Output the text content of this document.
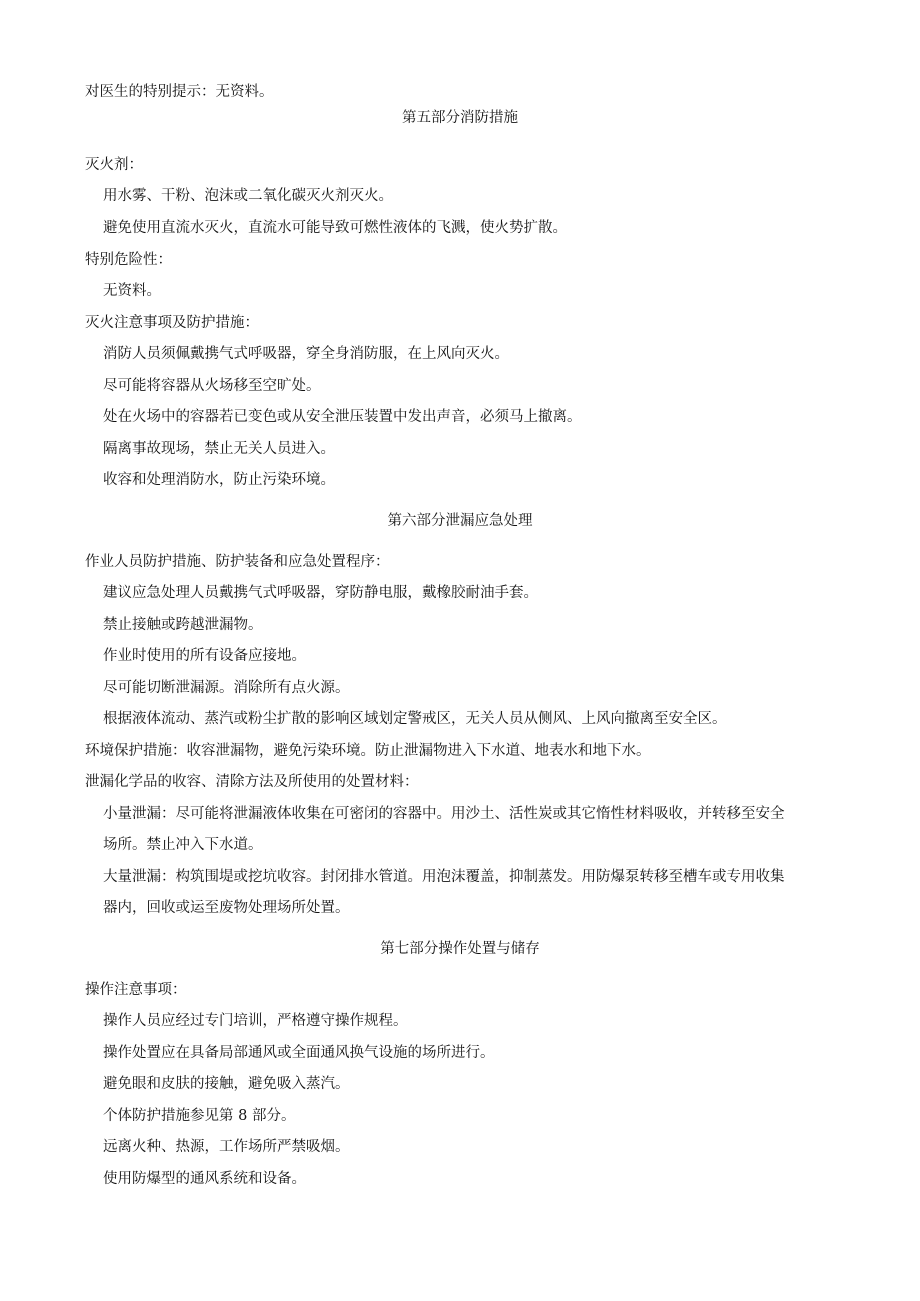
对医生的特别提示：无资料。
第五部分消防措施
灭火剂：
用水雾、干粉、泡沫或二氧化碳灭火剂灭火。
避免使用直流水灭火，直流水可能导致可燃性液体的飞溅，使火势扩散。
特别危险性：
无资料。
灭火注意事项及防护措施：
消防人员须佩戴携气式呼吸器，穿全身消防服，在上风向灭火。
尽可能将容器从火场移至空旷处。
处在火场中的容器若已变色或从安全泄压装置中发出声音，必须马上撤离。
隔离事故现场，禁止无关人员进入。
收容和处理消防水，防止污染环境。
第六部分泄漏应急处理
作业人员防护措施、防护装备和应急处置程序：
建议应急处理人员戴携气式呼吸器，穿防静电服，戴橡胶耐油手套。
禁止接触或跨越泄漏物。
作业时使用的所有设备应接地。
尽可能切断泄漏源。消除所有点火源。
根据液体流动、蒸汽或粉尘扩散的影响区域划定警戒区，无关人员从侧风、上风向撤离至安全区。
环境保护措施：收容泄漏物，避免污染环境。防止泄漏物进入下水道、地表水和地下水。
泄漏化学品的收容、清除方法及所使用的处置材料：
小量泄漏：尽可能将泄漏液体收集在可密闭的容器中。用沙土、活性炭或其它惰性材料吸收，并转移至安全
场所。禁止冲入下水道。
大量泄漏：构筑围堤或挖坑收容。封闭排水管道。用泡沫覆盖，抑制蒸发。用防爆泵转移至槽车或专用收集
器内，回收或运至废物处理场所处置。
第七部分操作处置与储存
操作注意事项：
操作人员应经过专门培训，严格遵守操作规程。
操作处置应在具备局部通风或全面通风换气设施的场所进行。
避免眼和皮肤的接触，避免吸入蒸汽。
个体防护措施参见第 8 部分。
远离火种、热源，工作场所严禁吸烟。
使用防爆型的通风系统和设备。
